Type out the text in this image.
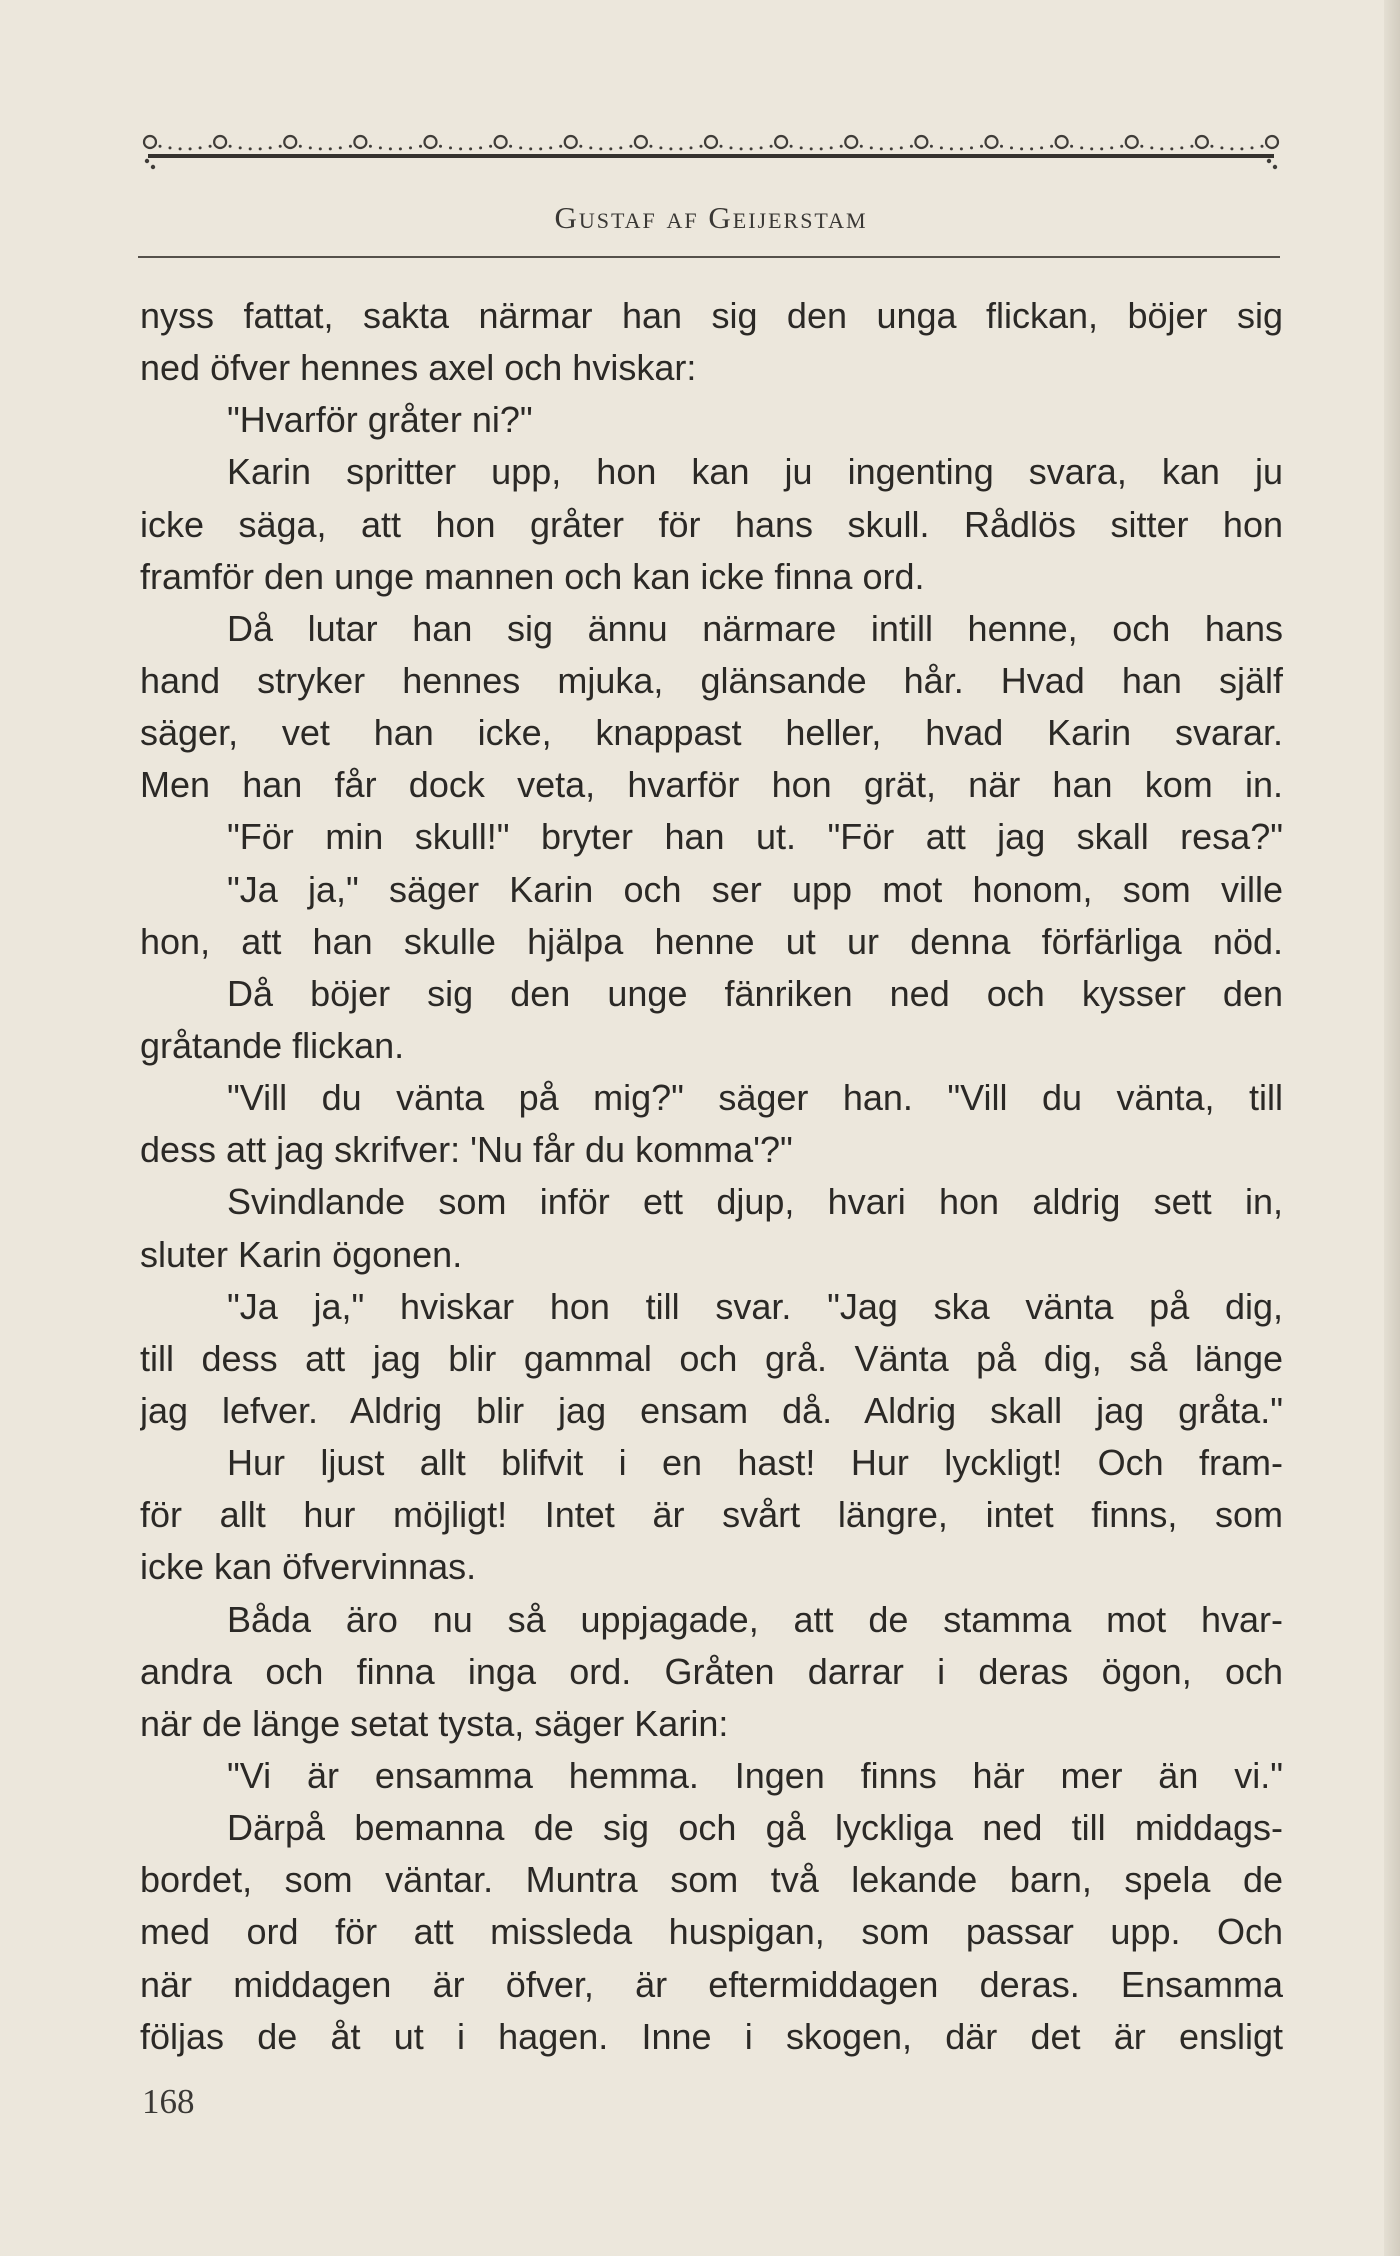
Gustaf af Geijerstam
nyss fattat, sakta närmar han sig den unga flickan, böjer sig
ned öfver hennes axel och hviskar:
"Hvarför gråter ni?"
Karin spritter upp, hon kan ju ingenting svara, kan ju
icke säga, att hon gråter för hans skull. Rådlös sitter hon
framför den unge mannen och kan icke finna ord.
Då lutar han sig ännu närmare intill henne, och hans
hand stryker hennes mjuka, glänsande hår. Hvad han själf
säger, vet han icke, knappast heller, hvad Karin svarar.
Men han får dock veta, hvarför hon grät, när han kom in.
"För min skull!" bryter han ut. "För att jag skall resa?"
"Ja ja," säger Karin och ser upp mot honom, som ville
hon, att han skulle hjälpa henne ut ur denna förfärliga nöd.
Då böjer sig den unge fänriken ned och kysser den
gråtande flickan.
"Vill du vänta på mig?" säger han. "Vill du vänta, till
dess att jag skrifver: 'Nu får du komma'?"
Svindlande som inför ett djup, hvari hon aldrig sett in,
sluter Karin ögonen.
"Ja ja," hviskar hon till svar. "Jag ska vänta på dig,
till dess att jag blir gammal och grå. Vänta på dig, så länge
jag lefver. Aldrig blir jag ensam då. Aldrig skall jag gråta."
Hur ljust allt blifvit i en hast! Hur lyckligt! Och fram-
för allt hur möjligt! Intet är svårt längre, intet finns, som
icke kan öfvervinnas.
Båda äro nu så uppjagade, att de stamma mot hvar-
andra och finna inga ord. Gråten darrar i deras ögon, och
när de länge setat tysta, säger Karin:
"Vi är ensamma hemma. Ingen finns här mer än vi."
Därpå bemanna de sig och gå lyckliga ned till middags-
bordet, som väntar. Muntra som två lekande barn, spela de
med ord för att missleda huspigan, som passar upp. Och
när middagen är öfver, är eftermiddagen deras. Ensamma
följas de åt ut i hagen. Inne i skogen, där det är ensligt
168
